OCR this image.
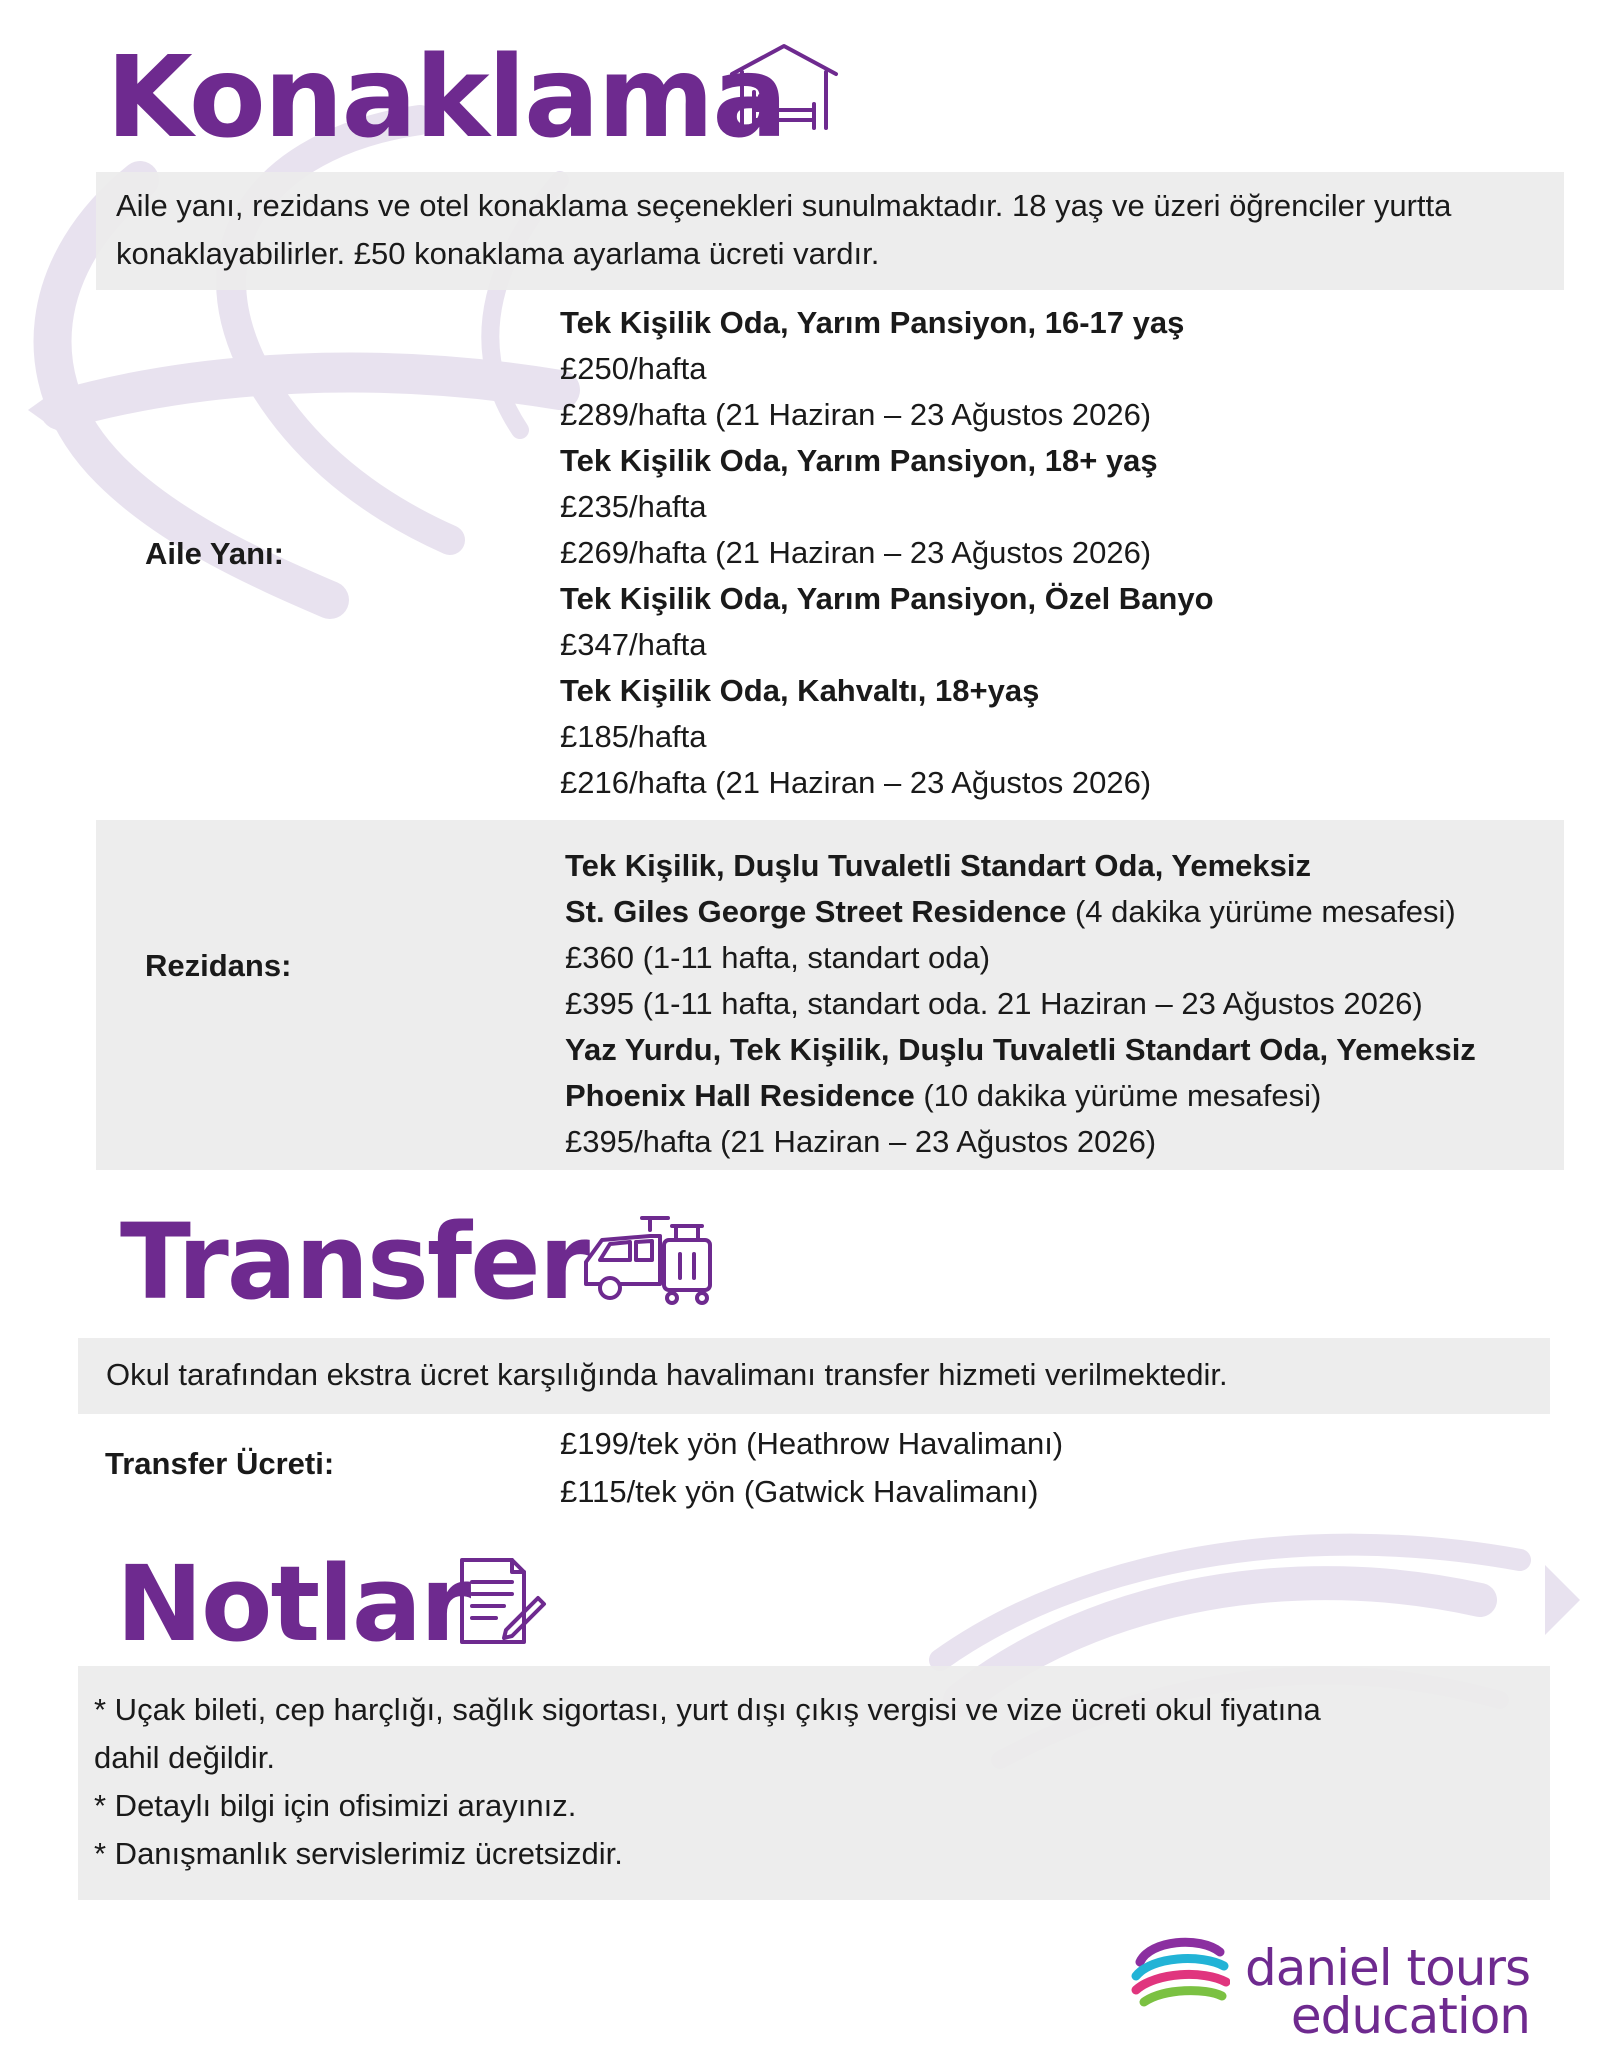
Konaklama
Aile yanı, rezidans ve otel konaklama seçenekleri sunulmaktadır. 18 yaş ve üzeri öğrenciler yurtta konaklayabilirler. £50 konaklama ayarlama ücreti vardır.
Aile Yanı:
Tek Kişilik Oda, Yarım Pansiyon, 16-17 yaş
£250/hafta
£289/hafta (21 Haziran – 23 Ağustos 2026)
Tek Kişilik Oda, Yarım Pansiyon, 18+ yaş
£235/hafta
£269/hafta (21 Haziran – 23 Ağustos 2026)
Tek Kişilik Oda, Yarım Pansiyon, Özel Banyo
£347/hafta
Tek Kişilik Oda, Kahvaltı, 18+yaş
£185/hafta
£216/hafta (21 Haziran – 23 Ağustos 2026)
Rezidans:
Tek Kişilik, Duşlu Tuvaletli Standart Oda, Yemeksiz
St. Giles George Street Residence (4 dakika yürüme mesafesi)
£360 (1-11 hafta, standart oda)
£395 (1-11 hafta, standart oda. 21 Haziran – 23 Ağustos 2026)
Yaz Yurdu, Tek Kişilik, Duşlu Tuvaletli Standart Oda, Yemeksiz
Phoenix Hall Residence (10 dakika yürüme mesafesi)
£395/hafta (21 Haziran – 23 Ağustos 2026)
Transfer
Okul tarafından ekstra ücret karşılığında havalimanı transfer hizmeti verilmektedir.
Transfer Ücreti:
£199/tek yön (Heathrow Havalimanı)
£115/tek yön (Gatwick Havalimanı)
Notlar
* Uçak bileti, cep harçlığı, sağlık sigortası, yurt dışı çıkış vergisi ve vize ücreti okul fiyatına
dahil değildir.
* Detaylı bilgi için ofisimizi arayınız.
* Danışmanlık servislerimiz ücretsizdir.
daniel tours
education
